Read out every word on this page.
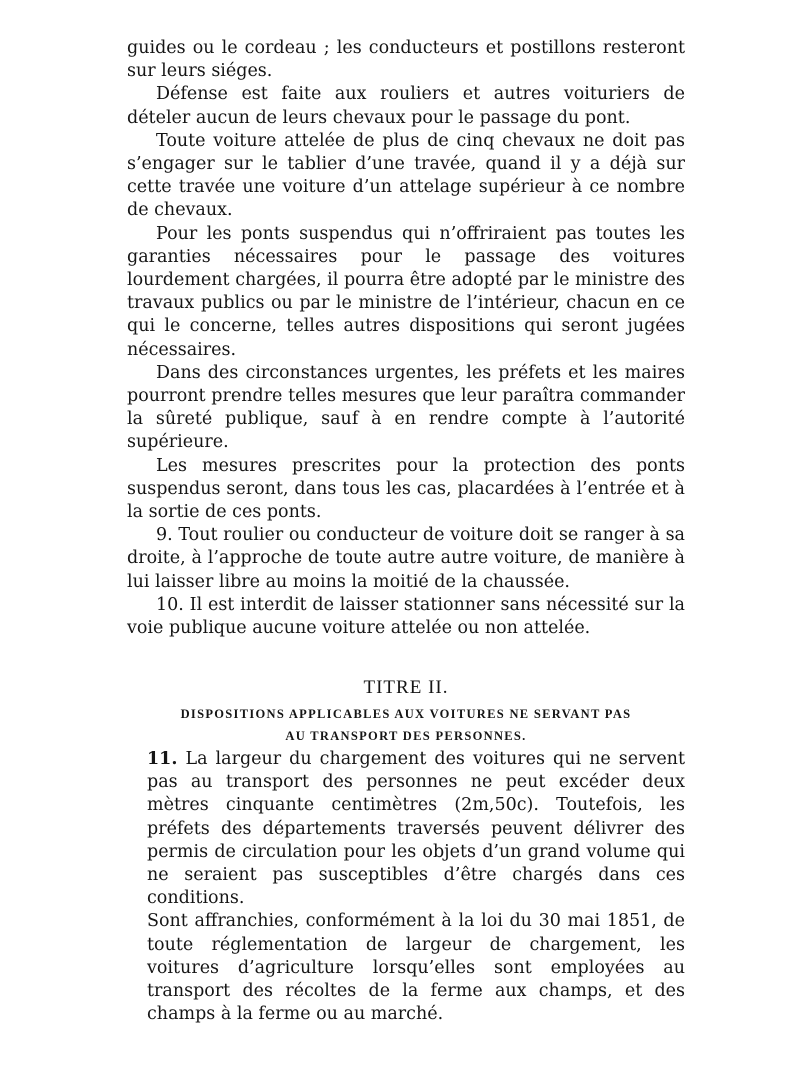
guides ou le cordeau ; les conducteurs et postillons resteront sur leurs siéges.

Défense est faite aux rouliers et autres voituriers de dételer aucun de leurs chevaux pour le passage du pont.

Toute voiture attelée de plus de cinq chevaux ne doit pas s’engager sur le tablier d’une travée, quand il y a déjà sur cette travée une voiture d’un attelage supérieur à ce nombre de chevaux.

Pour les ponts suspendus qui n’offriraient pas toutes les garanties nécessaires pour le passage des voitures lourdement chargées, il pourra être adopté par le ministre des travaux publics ou par le ministre de l’intérieur, chacun en ce qui le concerne, telles autres dispositions qui seront jugées nécessaires.

Dans des circonstances urgentes, les préfets et les maires pourront prendre telles mesures que leur paraîtra commander la sûreté publique, sauf à en rendre compte à l’autorité supérieure.

Les mesures prescrites pour la protection des ponts suspendus seront, dans tous les cas, placardées à l’entrée et à la sortie de ces ponts.

9. Tout roulier ou conducteur de voiture doit se ranger à sa droite, à l’approche de toute autre autre voiture, de manière à lui laisser libre au moins la moitié de la chaussée.

10. Il est interdit de laisser stationner sans nécessité sur la voie publique aucune voiture attelée ou non attelée.

TITRE II.
DISPOSITIONS APPLICABLES AUX VOITURES NE SERVANT PAS
AU TRANSPORT DES PERSONNES.

11. La largeur du chargement des voitures qui ne servent pas au transport des personnes ne peut excéder deux mètres cinquante centimètres (2m,50c). Toutefois, les préfets des départements traversés peuvent délivrer des permis de circulation pour les objets d’un grand volume qui ne seraient pas susceptibles d’être chargés dans ces conditions.

Sont affranchies, conformément à la loi du 30 mai 1851, de toute réglementation de largeur de chargement, les voitures d’agriculture lorsqu’elles sont employées au transport des récoltes de la ferme aux champs, et des champs à la ferme ou au marché.
